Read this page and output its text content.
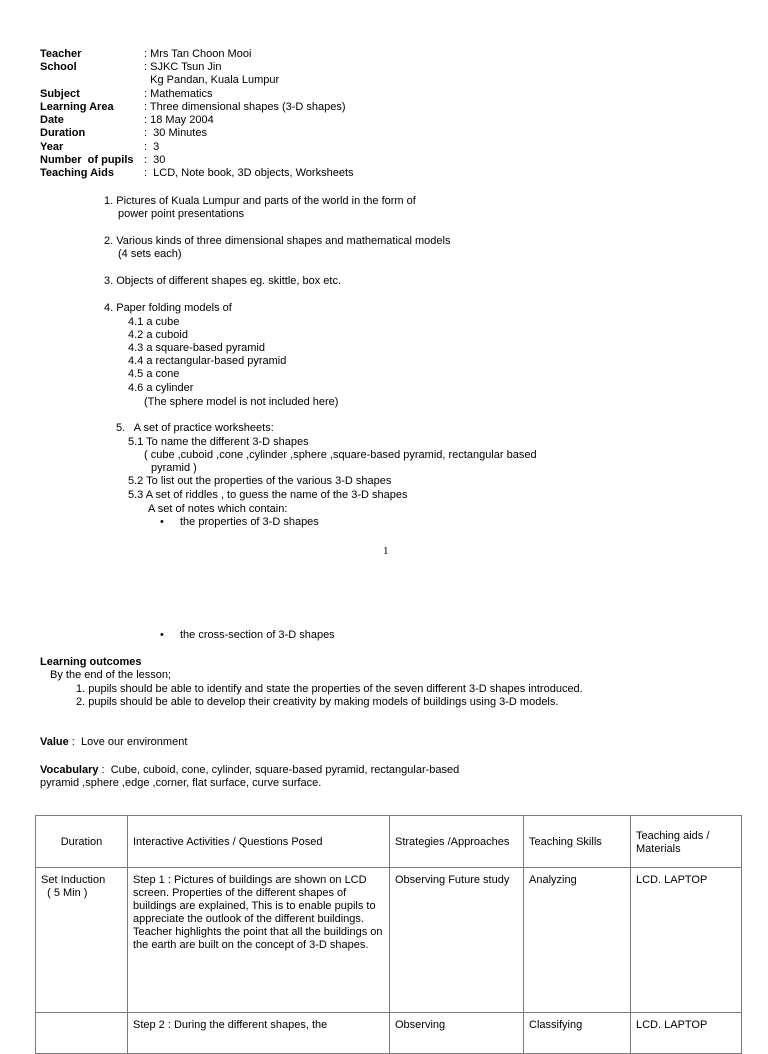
Teacher	: Mrs Tan Choon Mooi
School	: SJKC Tsun Jin
Kg Pandan, Kuala Lumpur
Subject	: Mathematics
Learning Area	: Three dimensional shapes (3-D shapes)
Date	: 18 May 2004
Duration	:  30 Minutes
Year	:  3
Number  of pupils :  30
Teaching Aids	:  LCD, Note book, 3D objects, Worksheets
1. Pictures of Kuala Lumpur and parts of the world in the form of
power point presentations
2. Various kinds of three dimensional shapes and mathematical models
(4 sets each)
3. Objects of different shapes eg. skittle, box etc.
4. Paper folding models of
4.1 a cube
4.2 a cuboid
4.3 a square-based pyramid
4.4 a rectangular-based pyramid
4.5 a cone
4.6 a cylinder
(The sphere model is not included here)
5.   A set of practice worksheets:
5.1 To name the different 3-D shapes
( cube ,cuboid ,cone ,cylinder ,sphere ,square-based pyramid, rectangular based
pyramid )
5.2 To list out the properties of the various 3-D shapes
5.3 A set of riddles , to guess the name of the 3-D shapes
A set of notes which contain:
• the properties of 3-D shapes
1
• the cross-section of 3-D shapes
Learning outcomes
By the end of the lesson;
1. pupils should be able to identify and state the properties of the seven different 3-D shapes introduced.
2. pupils should be able to develop their creativity by making models of buildings using 3-D models.
Value :  Love our environment
Vocabulary :  Cube, cuboid, cone, cylinder, square-based pyramid, rectangular-based
pyramid ,sphere ,edge ,corner, flat surface, curve surface.
Duration	Interactive Activities / Questions Posed	Strategies /Approaches	Teaching Skills	Teaching aids / Materials
Set Induction
( 5 Min )	Step 1 : Pictures of buildings are shown on LCD screen. Properties of the different shapes of buildings are explained, This is to enable pupils to appreciate the outlook of the different buildings. Teacher highlights the point that all the buildings on the earth are built on the concept of 3-D shapes.	Observing Future study	Analyzing	LCD. LAPTOP
	Step 2 : During the different shapes, the	Observing	Classifying	LCD. LAPTOP
